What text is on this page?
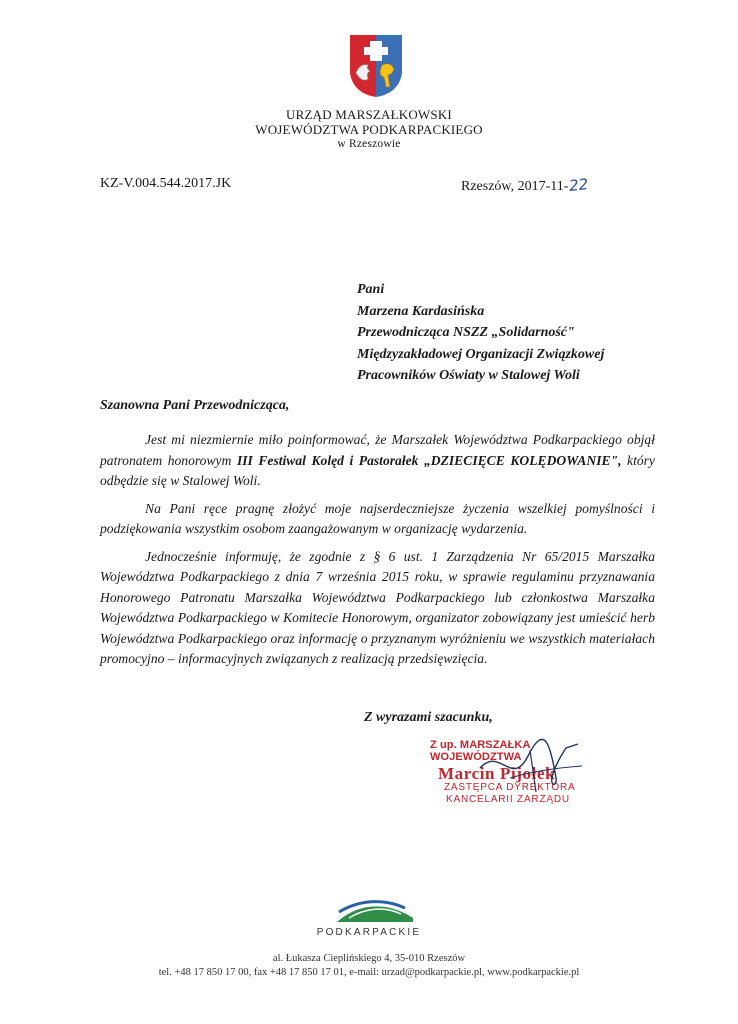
URZĄD MARSZAŁKOWSKI
WOJEWÓDZTWA PODKARPACKIEGO
w Rzeszowie
KZ-V.004.544.2017.JK	Rzeszów, 2017-11-22
Pani
Marzena Kardasińska
Przewodnicząca NSZZ „Solidarność"
Międzyzakładowej Organizacji Związkowej
Pracowników Oświaty w Stalowej Woli
Szanowna Pani Przewodnicząca,

Jest mi niezmiernie miło poinformować, że Marszałek Województwa Podkarpackiego objął patronatem honorowym III Festiwal Kolęd i Pastorałek „DZIECIĘCE KOLĘDOWANIE", który odbędzie się w Stalowej Woli.

Na Pani ręce pragnę złożyć moje najserdeczniejsze życzenia wszelkiej pomyślności i podziękowania wszystkim osobom zaangażowanym w organizację wydarzenia.

Jednocześnie informuję, że zgodnie z § 6 ust. 1 Zarządzenia Nr 65/2015 Marszałka Województwa Podkarpackiego z dnia 7 września 2015 roku, w sprawie regulaminu przyznawania Honorowego Patronatu Marszałka Województwa Podkarpackiego lub członkostwa Marszałka Województwa Podkarpackiego w Komitecie Honorowym, organizator zobowiązany jest umieścić herb Województwa Podkarpackiego oraz informację o przyznanym wyróżnieniu we wszystkich materiałach promocyjno – informacyjnych związanych z realizacją przedsięwzięcia.

Z wyrazami szacunku,
Z up. MARSZAŁKA WOJEWÓDZTWA
Marcin Pijołek
ZASTĘPCA DYREKTORA
KANCELARII ZARZĄDU
PODKARPACKIE
al. Łukasza Cieplińskiego 4, 35-010 Rzeszów
tel. +48 17 850 17 00, fax +48 17 850 17 01, e-mail: urzad@podkarpackie.pl, www.podkarpackie.pl
